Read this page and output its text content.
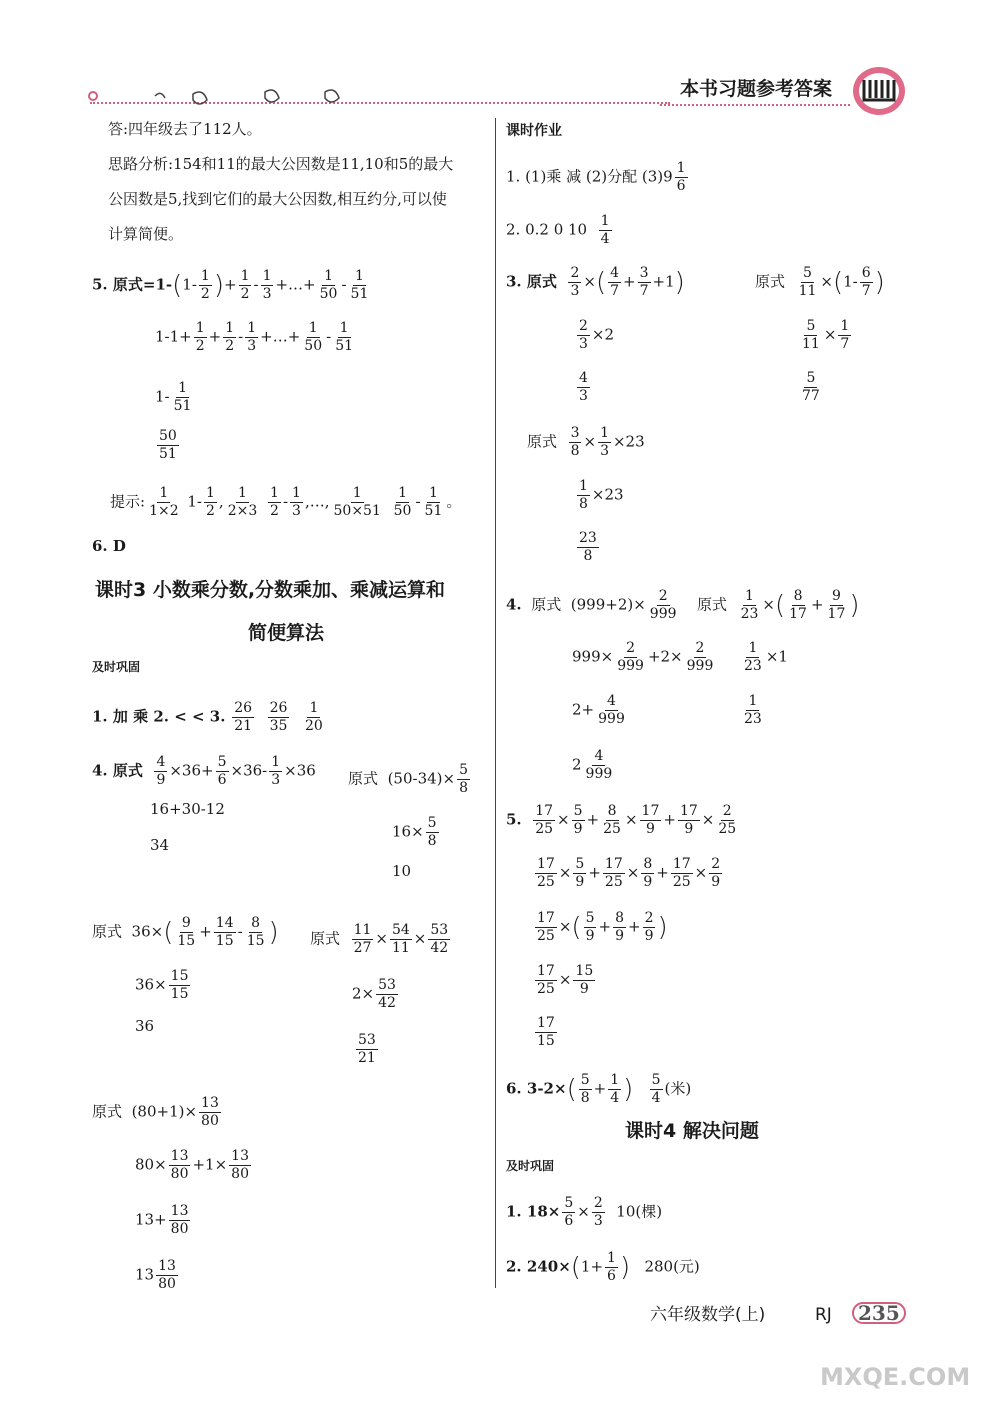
本书习题参考答案
答:四年级去了112人。
思路分析:154和11的最大公因数是11,10和5的最大
公因数是5,找到它们的最大公因数,相互约分,可以使
计算简便。
5. 原式$=1-(1- \frac{1}{2}$ )+ $\frac{1}{2} - \frac{1}{3}$ +…+ $\frac{1}{50} - \frac{1}{51}$
$1-1+ \frac{1}{2} + \frac{1}{2} - \frac{1}{3}$ +…+ $\frac{1}{50} - \frac{1}{51}$
$1- \frac{1}{51}$
$\frac{50}{51}$
提示: $\frac{1}{1\times 2} 1- \frac{1}{2}$ , $\frac{1}{2\times 3}$
$\frac{1}{2} - \frac{1}{3}$ ,…, $\frac{1}{50\times 51}$
$\frac{1}{50} - \frac{1}{51}$ 。
6. D
课时3 小数乘分数,分数乘加、乘减运算和
简便算法
及时巩固
1. 加 乘 2. < < 3. $\frac{26}{21}$
$\frac{26}{35}$
$\frac{1}{20}$
4. 原式 $\frac{4}{9} \times 36+ \frac{5}{6} \times 36- \frac{1}{3} \times 36$
16+30-12
34
原式 $(50-34)\times \frac{5}{8}$
$16\times \frac{5}{8}$
10
原式  $36\times( \frac{9}{15} + \frac{14}{15} - \frac{8}{15}$ )
$36\times \frac{15}{15}$
36
原式 $\frac{11}{27} \times \frac{54}{11} \times \frac{53}{42}$
$2\times \frac{53}{42}$
$\frac{53}{21}$
原式 $(80+1)\times \frac{13}{80}$
$80\times \frac{13}{80} +1\times \frac{13}{80}$
$13+ \frac{13}{80}$
$13 \frac{13}{80}$
课时作业
1. (1)乘 减 (2)分配 $(3)9 \frac{1}{6}$
2. 0.2 0 $10 \frac{1}{4}$
3. 原式 $\frac{2}{3}$ ×( $\frac{4}{7} + \frac{3}{7} +1$)
$\frac{2}{3} \times 2$
$\frac{4}{3}$
原式 $\frac{5}{11} \times(1- \frac{6}{7}$ )
$\frac{5}{11} \times \frac{1}{7}$
$\frac{5}{77}$
原式 $\frac{3}{8} \times \frac{1}{3} \times 23$
$\frac{1}{8} \times 23$
$\frac{23}{8}$
4. 原式 $(999+2)\times \frac{2}{999}$
$999\times \frac{2}{999} +2\times \frac{2}{999}$
$2+ \frac{4}{999}$
$2 \frac{4}{999}$
原式 $\frac{1}{23}$ ×( $\frac{8}{17} + \frac{9}{17}$ )
$\frac{1}{23} \times 1$
$\frac{1}{23}$
5. $\frac{17}{25} \times \frac{5}{9} + \frac{8}{25} \times \frac{17}{9} + \frac{17}{9} \times \frac{2}{25}$
$\frac{17}{25} \times \frac{5}{9} + \frac{17}{25} \times \frac{8}{9} + \frac{17}{25} \times \frac{2}{9}$
$\frac{17}{25}$ ×( $\frac{5}{9} + \frac{8}{9} + \frac{2}{9}$ )
$\frac{17}{25} \times \frac{15}{9}$
$\frac{17}{15}$
6. $3-2\times( \frac{5}{8} + \frac{1}{4}$ ) $\frac{5}{4}$ (米)
课时4 解决问题
及时巩固
1. $18\times \frac{5}{6} \times \frac{2}{3} 10$(棵)
2. $240\times(1+ \frac{1}{6}$ ) 280(元)
六年级数学(上)	RJ	235
MXQE.COM
